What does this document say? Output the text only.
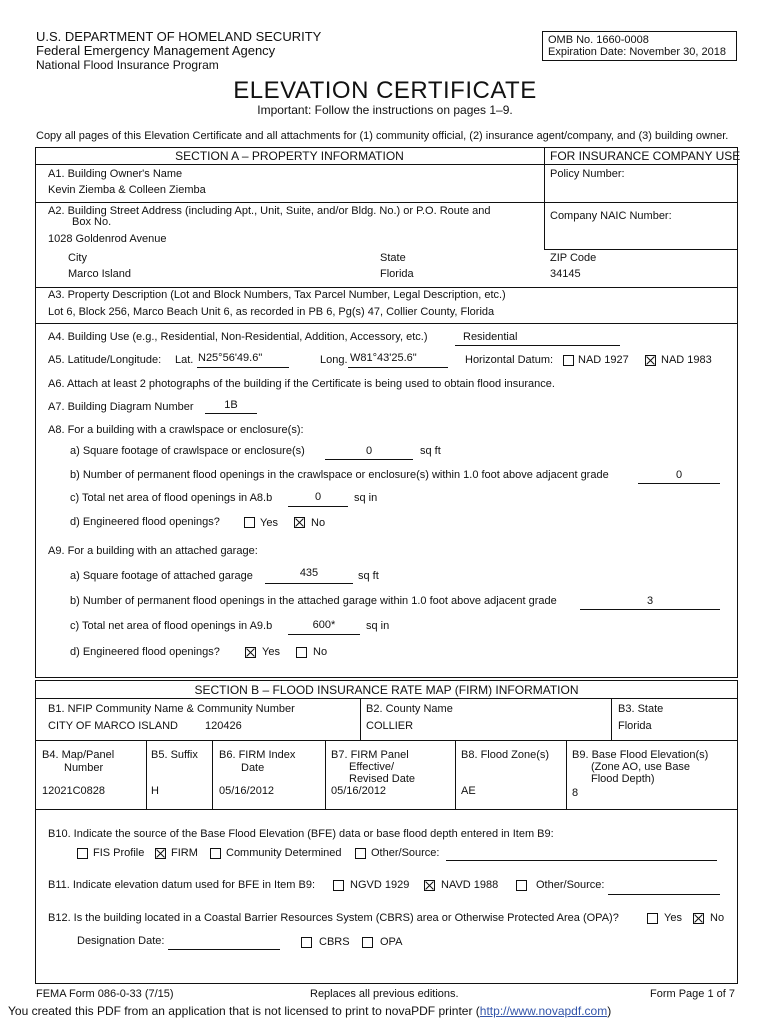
U.S. DEPARTMENT OF HOMELAND SECURITY
Federal Emergency Management Agency
National Flood Insurance Program
OMB No. 1660-0008
Expiration Date: November 30, 2018
ELEVATION CERTIFICATE
Important: Follow the instructions on pages 1–9.
Copy all pages of this Elevation Certificate and all attachments for (1) community official, (2) insurance agent/company, and (3) building owner.
SECTION A – PROPERTY INFORMATION	FOR INSURANCE COMPANY USE
A1. Building Owner's Name
Kevin Ziemba & Colleen Ziemba
Policy Number:
A2. Building Street Address (including Apt., Unit, Suite, and/or Bldg. No.) or P.O. Route and
Box No.
1028 Goldenrod Avenue
Company NAIC Number:
City
Marco Island
State
Florida
ZIP Code
34145
A3. Property Description (Lot and Block Numbers, Tax Parcel Number, Legal Description, etc.)
Lot 6, Block 256, Marco Beach Unit 6, as recorded in PB 6, Pg(s) 47, Collier County, Florida
A4. Building Use (e.g., Residential, Non-Residential, Addition, Accessory, etc.)	Residential
A5. Latitude/Longitude: Lat. N25°56'49.6"	Long. W81°43'25.6"	Horizontal Datum: NAD 1927	NAD 1983
A6. Attach at least 2 photographs of the building if the Certificate is being used to obtain flood insurance.
A7. Building Diagram Number	1B
A8. For a building with a crawlspace or enclosure(s):
a) Square footage of crawlspace or enclosure(s)	0	sq ft
b) Number of permanent flood openings in the crawlspace or enclosure(s) within 1.0 foot above adjacent grade	0
c) Total net area of flood openings in A8.b	0	sq in
d) Engineered flood openings?	Yes	No
A9. For a building with an attached garage:
a) Square footage of attached garage	435	sq ft
b) Number of permanent flood openings in the attached garage within 1.0 foot above adjacent grade	3
c) Total net area of flood openings in A9.b	600*	sq in
d) Engineered flood openings?	Yes	No
SECTION B – FLOOD INSURANCE RATE MAP (FIRM) INFORMATION
B1. NFIP Community Name & Community Number
CITY OF MARCO ISLAND 120426
B2. County Name
COLLIER
B3. State
Florida
B4. Map/Panel
Number
12021C0828
B5. Suffix
H
B6. FIRM Index
Date
05/16/2012
B7. FIRM Panel
Effective/
Revised Date
05/16/2012
B8. Flood Zone(s)
AE
B9. Base Flood Elevation(s)
(Zone AO, use Base
Flood Depth)
8
B10. Indicate the source of the Base Flood Elevation (BFE) data or base flood depth entered in Item B9:
FIS Profile FIRM	Community Determined	Other/Source:
B11. Indicate elevation datum used for BFE in Item B9:	NGVD 1929	NAVD 1988	Other/Source:
B12. Is the building located in a Coastal Barrier Resources System (CBRS) area or Otherwise Protected Area (OPA)?	Yes	No
Designation Date:	CBRS	OPA
FEMA Form 086-0-33 (7/15)	Replaces all previous editions.	Form Page 1 of 7
You created this PDF from an application that is not licensed to print to novaPDF printer (http://www.novapdf.com)
